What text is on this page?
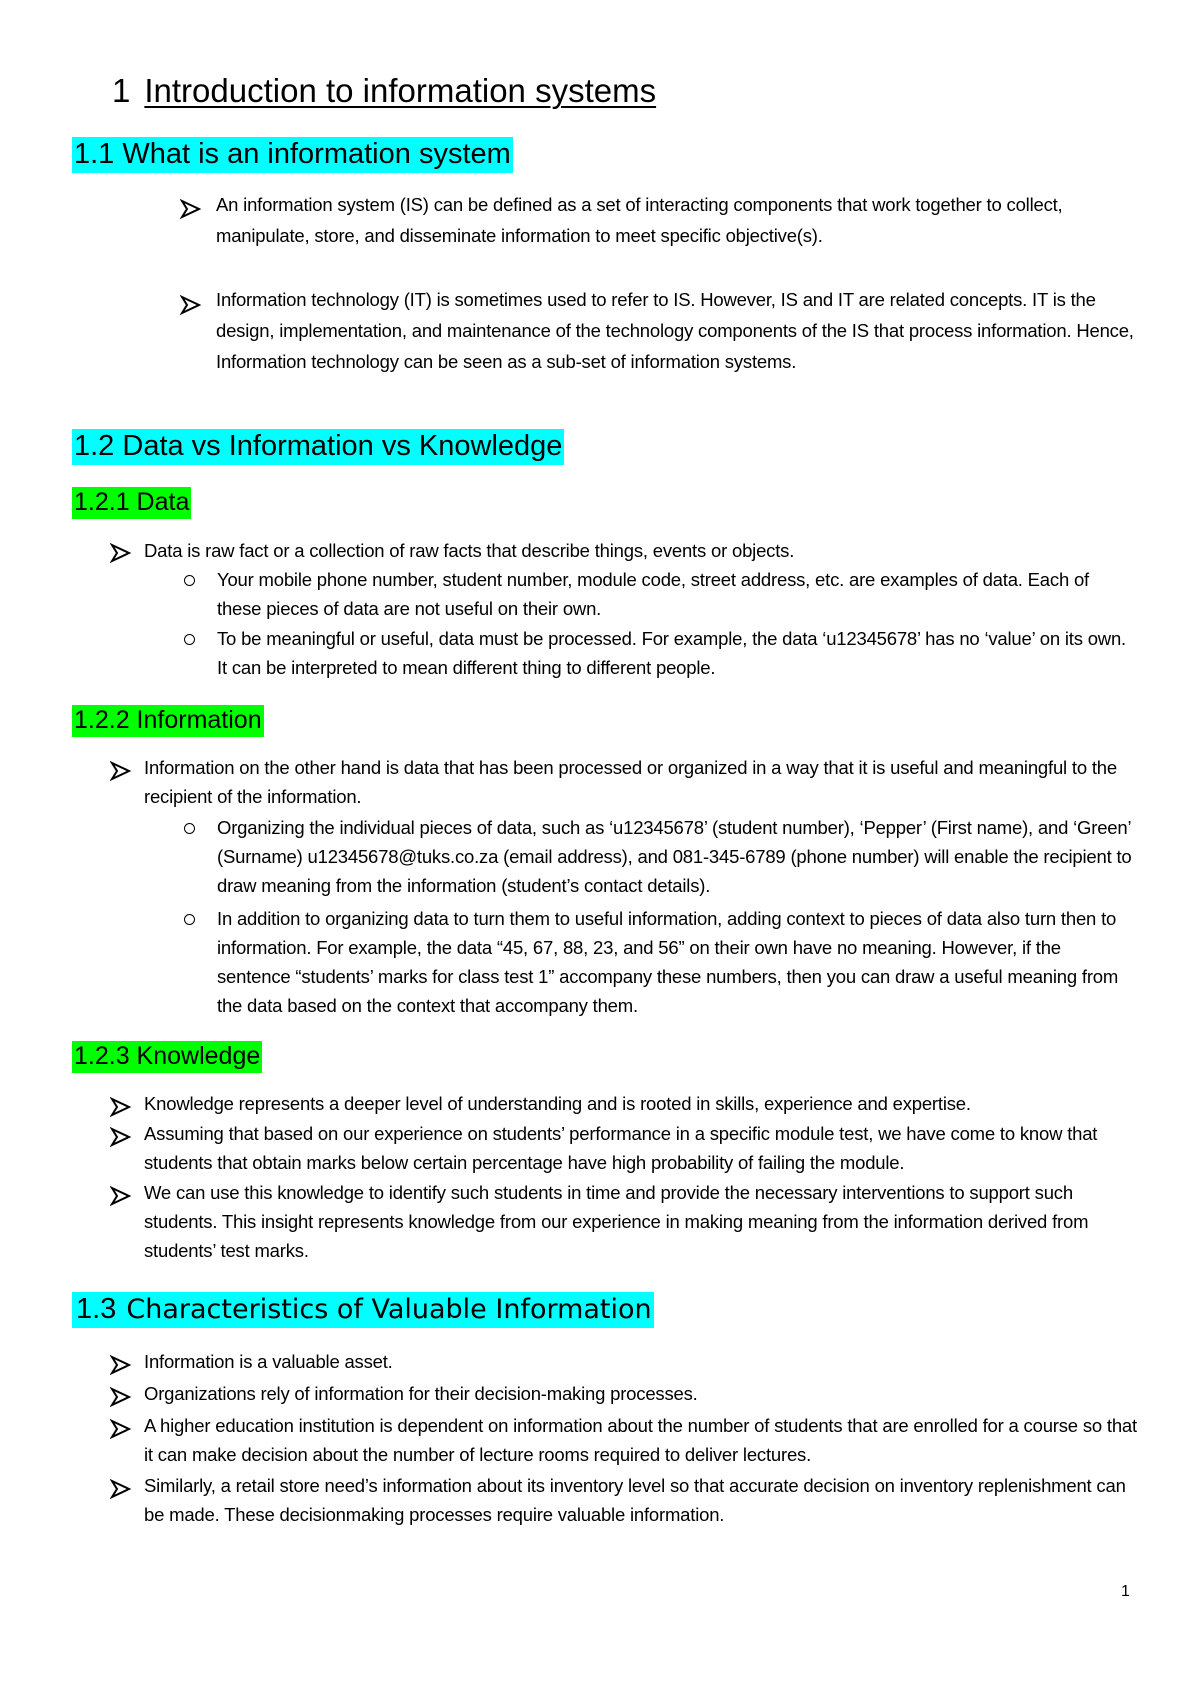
1 Introduction to information systems
1.1 What is an information system
An information system (IS) can be defined as a set of interacting components that work together to collect, manipulate, store, and disseminate information to meet specific objective(s).
Information technology (IT) is sometimes used to refer to IS. However, IS and IT are related concepts. IT is the design, implementation, and maintenance of the technology components of the IS that process information. Hence, Information technology can be seen as a sub-set of information systems.
1.2 Data vs Information vs Knowledge
1.2.1 Data
Data is raw fact or a collection of raw facts that describe things, events or objects.
Your mobile phone number, student number, module code, street address, etc. are examples of data. Each of these pieces of data are not useful on their own.
To be meaningful or useful, data must be processed. For example, the data ‘u12345678’ has no ‘value’ on its own. It can be interpreted to mean different thing to different people.
1.2.2 Information
Information on the other hand is data that has been processed or organized in a way that it is useful and meaningful to the recipient of the information.
Organizing the individual pieces of data, such as ‘u12345678’ (student number), ‘Pepper’ (First name), and ‘Green’ (Surname) u12345678@tuks.co.za (email address), and 081-345-6789 (phone number) will enable the recipient to draw meaning from the information (student’s contact details).
In addition to organizing data to turn them to useful information, adding context to pieces of data also turn then to information. For example, the data “45, 67, 88, 23, and 56” on their own have no meaning. However, if the sentence “students’ marks for class test 1” accompany these numbers, then you can draw a useful meaning from the data based on the context that accompany them.
1.2.3 Knowledge
Knowledge represents a deeper level of understanding and is rooted in skills, experience and expertise.
Assuming that based on our experience on students’ performance in a specific module test, we have come to know that students that obtain marks below certain percentage have high probability of failing the module.
We can use this knowledge to identify such students in time and provide the necessary interventions to support such students. This insight represents knowledge from our experience in making meaning from the information derived from students’ test marks.
1.3 Characteristics of Valuable Information
Information is a valuable asset.
Organizations rely of information for their decision-making processes.
A higher education institution is dependent on information about the number of students that are enrolled for a course so that it can make decision about the number of lecture rooms required to deliver lectures.
Similarly, a retail store need’s information about its inventory level so that accurate decision on inventory replenishment can be made. These decisionmaking processes require valuable information.
1
